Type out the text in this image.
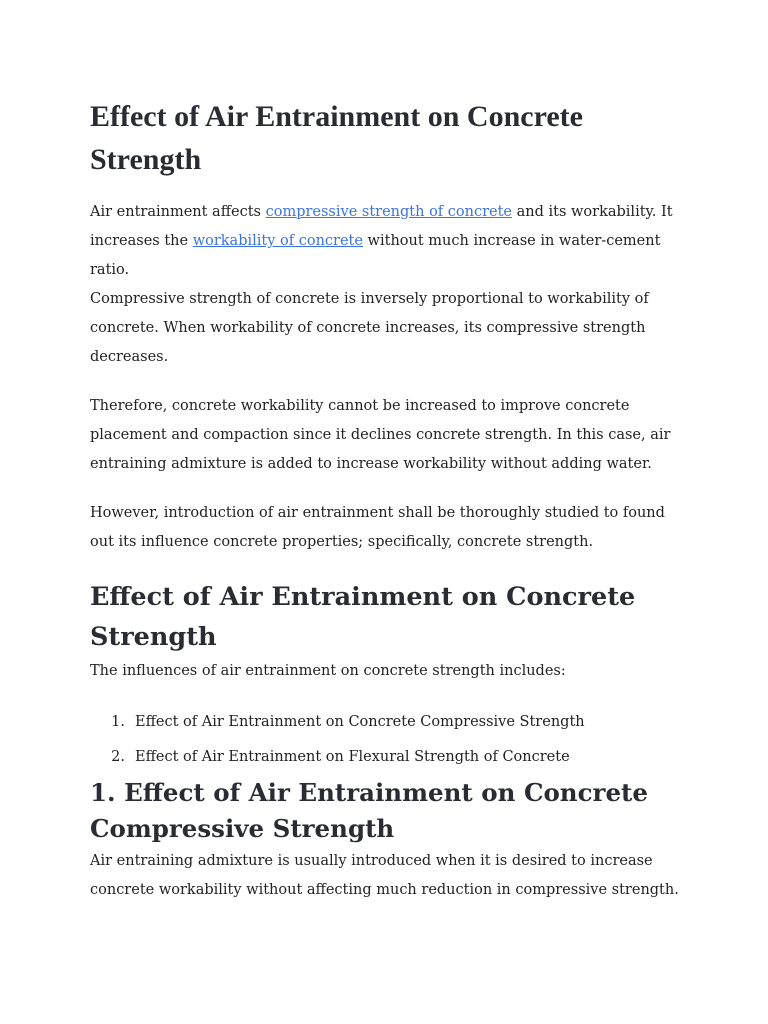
Effect of Air Entrainment on Concrete Strength

Air entrainment affects compressive strength of concrete and its workability. It increases the workability of concrete without much increase in water-cement ratio.

Compressive strength of concrete is inversely proportional to workability of concrete. When workability of concrete increases, its compressive strength decreases.

Therefore, concrete workability cannot be increased to improve concrete placement and compaction since it declines concrete strength. In this case, air entraining admixture is added to increase workability without adding water.

However, introduction of air entrainment shall be thoroughly studied to found out its influence concrete properties; specifically, concrete strength.

Effect of Air Entrainment on Concrete Strength

The influences of air entrainment on concrete strength includes:

1. Effect of Air Entrainment on Concrete Compressive Strength
2. Effect of Air Entrainment on Flexural Strength of Concrete
1. Effect of Air Entrainment on Concrete Compressive Strength

Air entraining admixture is usually introduced when it is desired to increase concrete workability without affecting much reduction in compressive strength.
